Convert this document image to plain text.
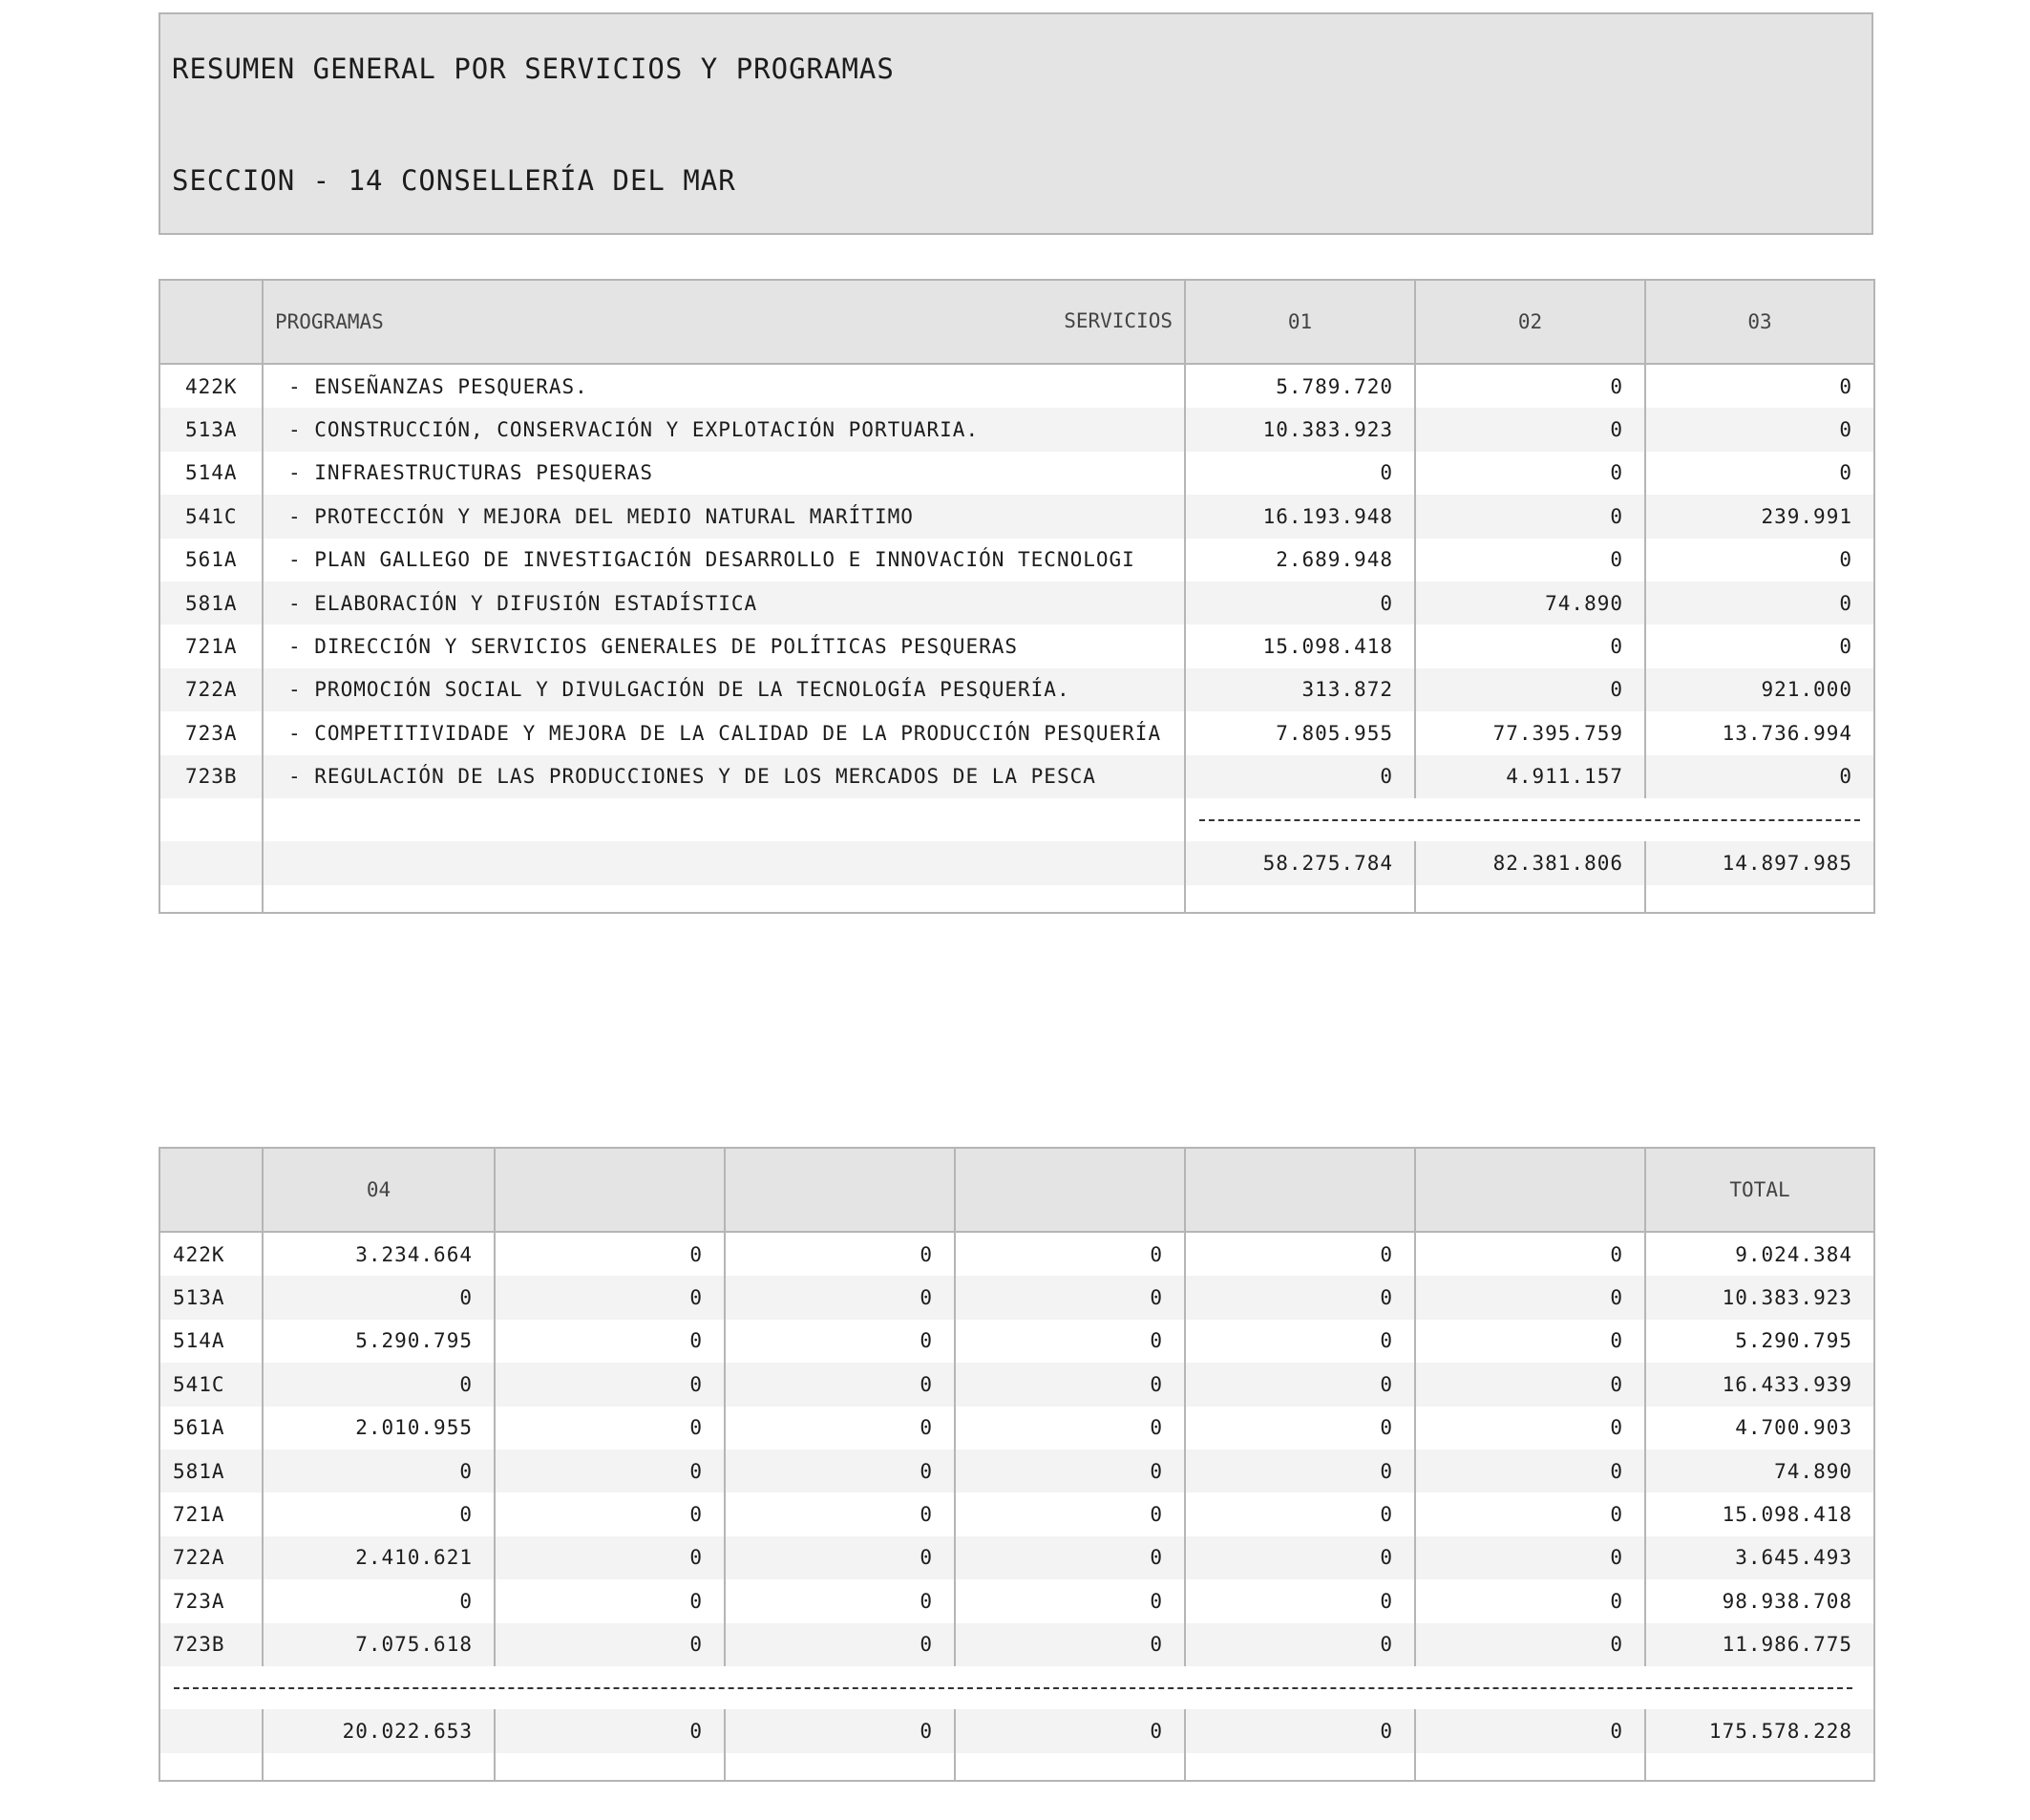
RESUMEN GENERAL POR SERVICIOS Y PROGRAMAS
SECCION - 14 CONSELLERÍA DEL MAR
	PROGRAMAS SERVICIOS	01	02	03
422K	- ENSEÑANZAS PESQUERAS.	5.789.720	0	0
513A	- CONSTRUCCIÓN, CONSERVACIÓN Y EXPLOTACIÓN PORTUARIA.	10.383.923	0	0
514A	- INFRAESTRUCTURAS PESQUERAS	0	0	0
541C	- PROTECCIÓN Y MEJORA DEL MEDIO NATURAL MARÍTIMO	16.193.948	0	239.991
561A	- PLAN GALLEGO DE INVESTIGACIÓN DESARROLLO E INNOVACIÓN TECNOLOGI	2.689.948	0	0
581A	- ELABORACIÓN Y DIFUSIÓN ESTADÍSTICA	0	74.890	0
721A	- DIRECCIÓN Y SERVICIOS GENERALES DE POLÍTICAS PESQUERAS	15.098.418	0	0
722A	- PROMOCIÓN SOCIAL Y DIVULGACIÓN DE LA TECNOLOGÍA PESQUERÍA.	313.872	0	921.000
723A	- COMPETITIVIDADE Y MEJORA DE LA CALIDAD DE LA PRODUCCIÓN PESQUERÍA	7.805.955	77.395.759	13.736.994
723B	- REGULACIÓN DE LAS PRODUCCIONES Y DE LOS MERCADOS DE LA PESCA	0	4.911.157	0

		58.275.784	82.381.806	14.897.985

	04						TOTAL
422K	3.234.664	0	0	0	0	0	9.024.384
513A	0	0	0	0	0	0	10.383.923
514A	5.290.795	0	0	0	0	0	5.290.795
541C	0	0	0	0	0	0	16.433.939
561A	2.010.955	0	0	0	0	0	4.700.903
581A	0	0	0	0	0	0	74.890
721A	0	0	0	0	0	0	15.098.418
722A	2.410.621	0	0	0	0	0	3.645.493
723A	0	0	0	0	0	0	98.938.708
723B	7.075.618	0	0	0	0	0	11.986.775

	20.022.653	0	0	0	0	0	175.578.228
